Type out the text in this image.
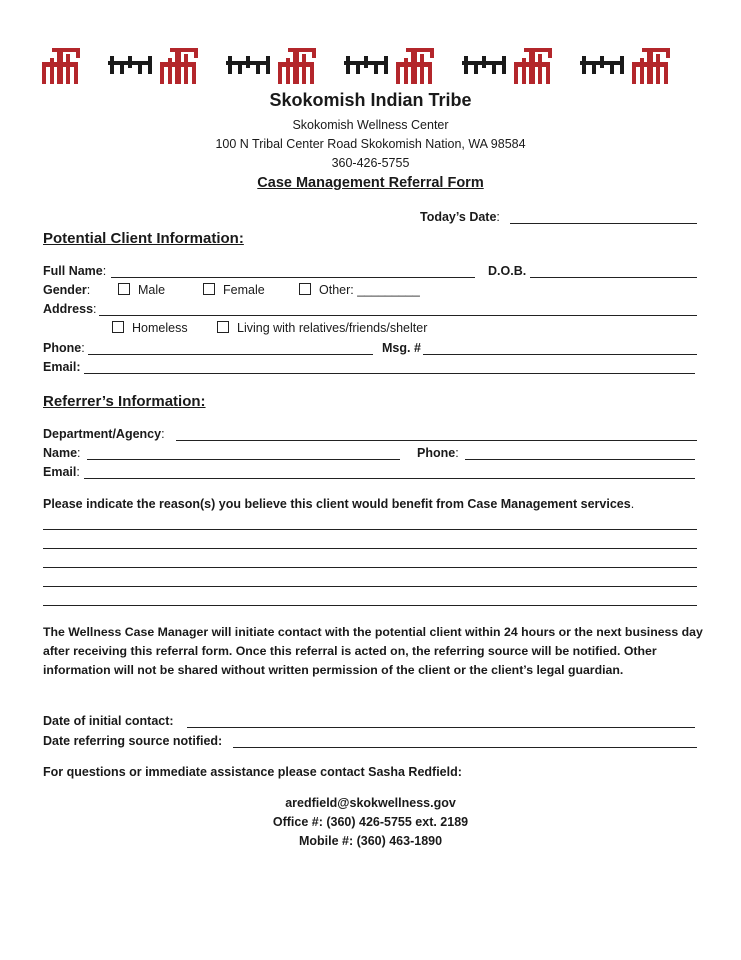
Skokomish Indian Tribe
Skokomish Wellness Center
100 N Tribal Center Road Skokomish Nation, WA 98584
360-426-5755
Case Management Referral Form
Today’s Date:
Potential Client Information:
Full Name:	D.O.B.
Gender:	Male	Female	Other: _________
Address:
Homeless	Living with relatives/friends/shelter
Phone:	Msg. #
Email:
Referrer’s Information:
Department/Agency:
Name:	Phone:
Email:
Please indicate the reason(s) you believe this client would benefit from Case Management services.
The Wellness Case Manager will initiate contact with the potential client within 24 hours or the next business day after receiving this referral form. Once this referral is acted on, the referring source will be notified. Other information will not be shared without written permission of the client or the client’s legal guardian.
Date of initial contact:
Date referring source notified:
For questions or immediate assistance please contact Sasha Redfield:
aredfield@skokwellness.gov
Office #: (360) 426-5755 ext. 2189
Mobile #: (360) 463-1890
